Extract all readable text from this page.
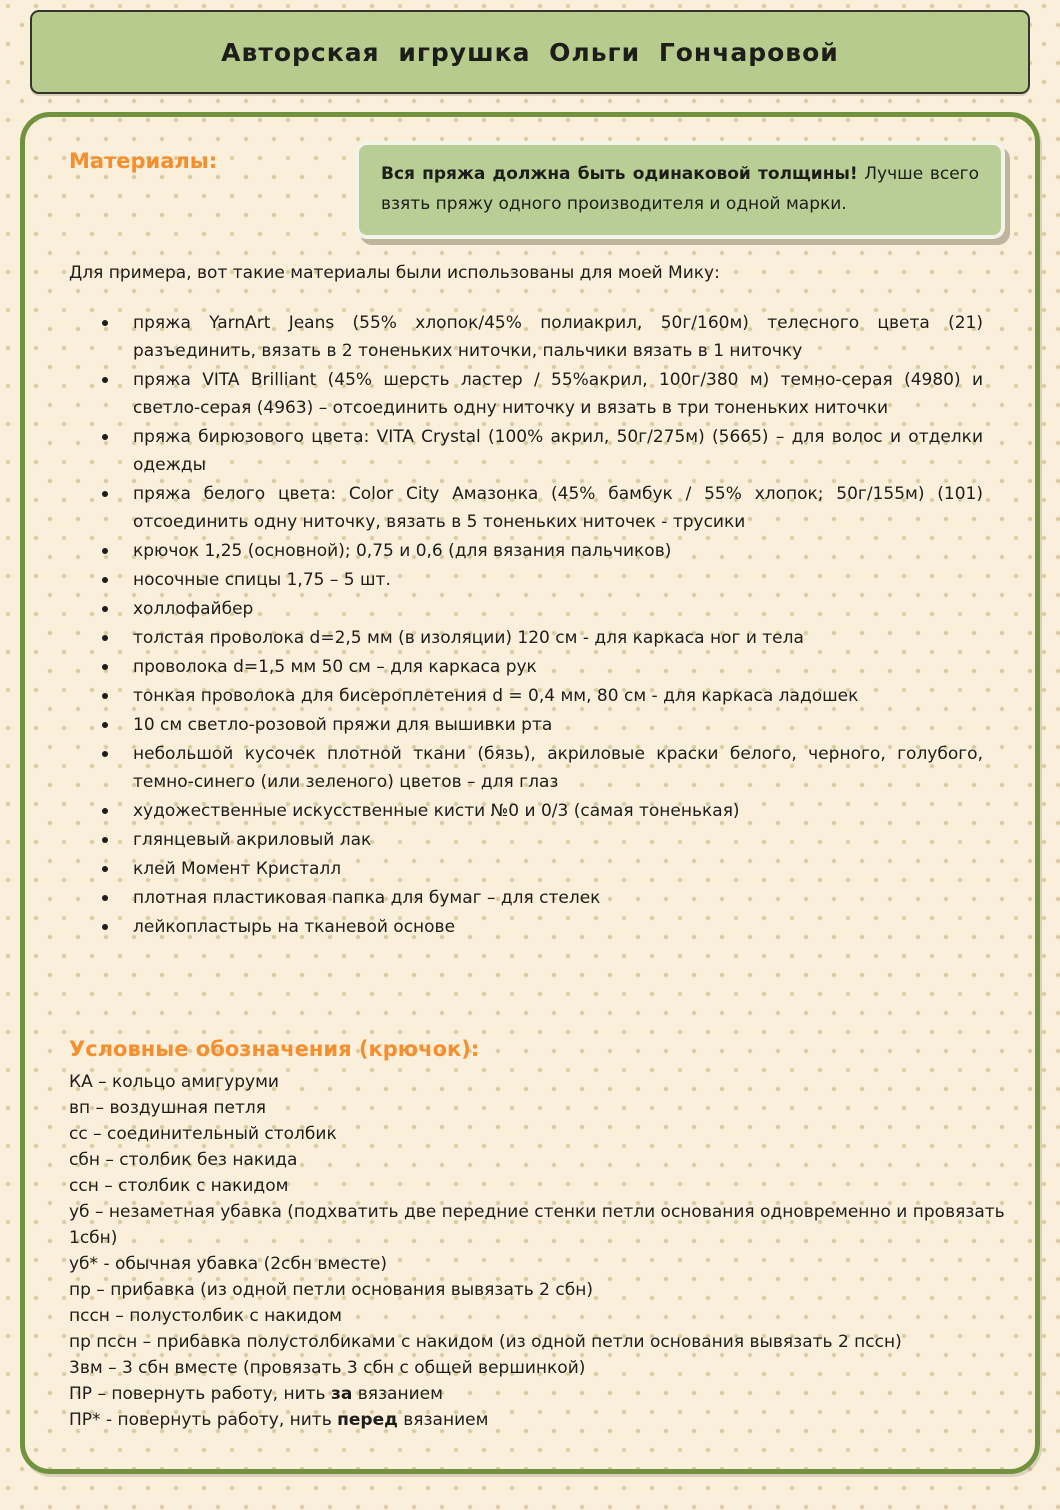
Авторская игрушка Ольги Гончаровой
Материалы:
Вся пряжа должна быть одинаковой толщины! Лучше всего взять пряжу одного производителя и одной марки.

Для примера, вот такие материалы были использованы для моей Мику:

пряжа YarnArt Jeans (55% хлопок/45% полиакрил, 50г/160м) телесного цвета (21) разъединить, вязать в 2 тоненьких ниточки, пальчики вязать в 1 ниточку
пряжа VITA Brilliant (45% шерсть ластер / 55%акрил, 100г/380 м) темно-серая (4980) и светло-серая (4963) – отсоединить одну ниточку и вязать в три тоненьких ниточки
пряжа бирюзового цвета: VITA Crystal (100% акрил, 50г/275м) (5665) – для волос и отделки одежды
пряжа белого цвета: Color City Амазонка (45% бамбук / 55% хлопок; 50г/155м) (101) отсоединить одну ниточку, вязать в 5 тоненьких ниточек - трусики
крючок 1,25 (основной); 0,75 и 0,6 (для вязания пальчиков)
носочные спицы 1,75 – 5 шт.
холлофайбер
толстая проволока d=2,5 мм (в изоляции) 120 см - для каркаса ног и тела
проволока d=1,5 мм 50 см – для каркаса рук
тонкая проволока для бисероплетения d = 0,4 мм, 80 см - для каркаса ладошек
10 см светло-розовой пряжи для вышивки рта
небольшой кусочек плотной ткани (бязь), акриловые краски белого, черного, голубого, темно-синего (или зеленого) цветов – для глаз
художественные искусственные кисти №0 и 0/3 (самая тоненькая)
глянцевый акриловый лак
клей Момент Кристалл
плотная пластиковая папка для бумаг – для стелек
лейкопластырь на тканевой основе
Условные обозначения (крючок):
КА – кольцо амигуруми
вп – воздушная петля
сс – соединительный столбик
сбн – столбик без накида
ссн – столбик с накидом
уб – незаметная убавка (подхватить две передние стенки петли основания одновременно и провязать 1сбн)
уб* - обычная убавка (2сбн вместе)
пр – прибавка (из одной петли основания вывязать 2 сбн)
пссн – полустолбик с накидом
пр пссн – прибавка полустолбиками с накидом (из одной петли основания вывязать 2 пссн)
3вм – 3 сбн вместе (провязать 3 сбн с общей вершинкой)
ПР – повернуть работу, нить за вязанием
ПР* - повернуть работу, нить перед вязанием
